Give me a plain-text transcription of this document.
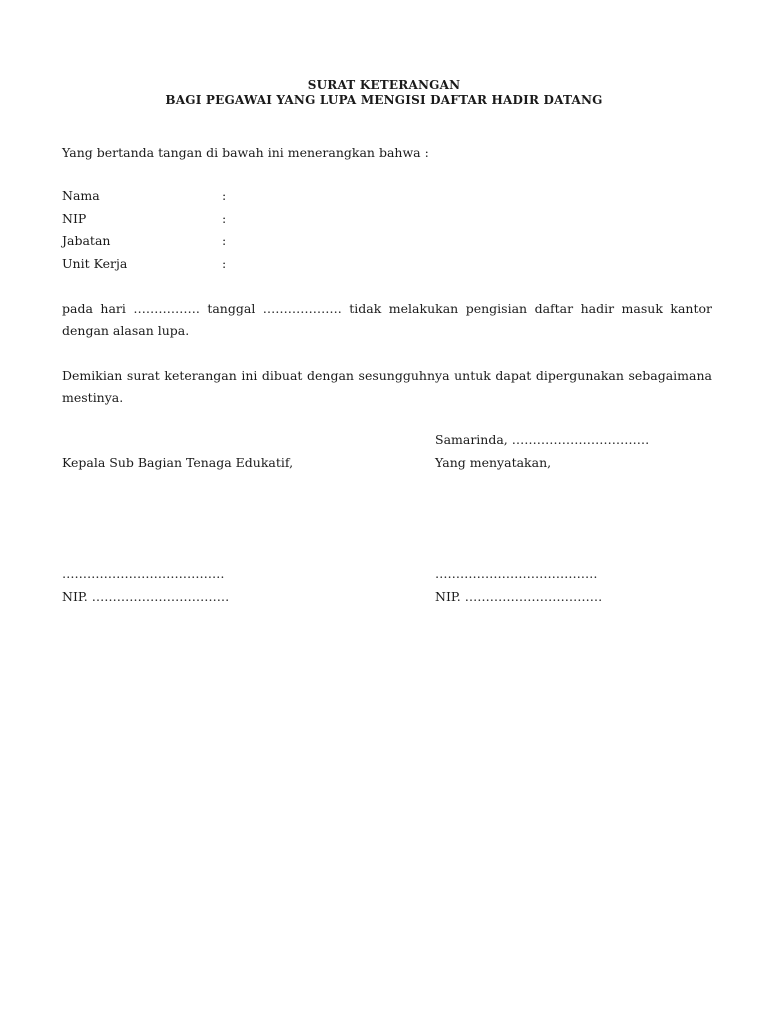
SURAT KETERANGAN
BAGI PEGAWAI YANG LUPA MENGISI DAFTAR HADIR DATANG
Yang bertanda tangan di bawah ini menerangkan bahwa :
Nama	:
NIP	:
Jabatan	:
Unit Kerja	:
pada hari ……………. tanggal ………………. tidak melakukan pengisian daftar hadir masuk kantor dengan alasan lupa.
Demikian surat keterangan ini dibuat dengan sesungguhnya untuk dapat dipergunakan sebagaimana mestinya.
Samarinda, ……………………………
Kepala Sub Bagian Tenaga Edukatif,	Yang menyatakan,
…………………………………	…………………………………
NIP. ……………………………	NIP. ……………………………
